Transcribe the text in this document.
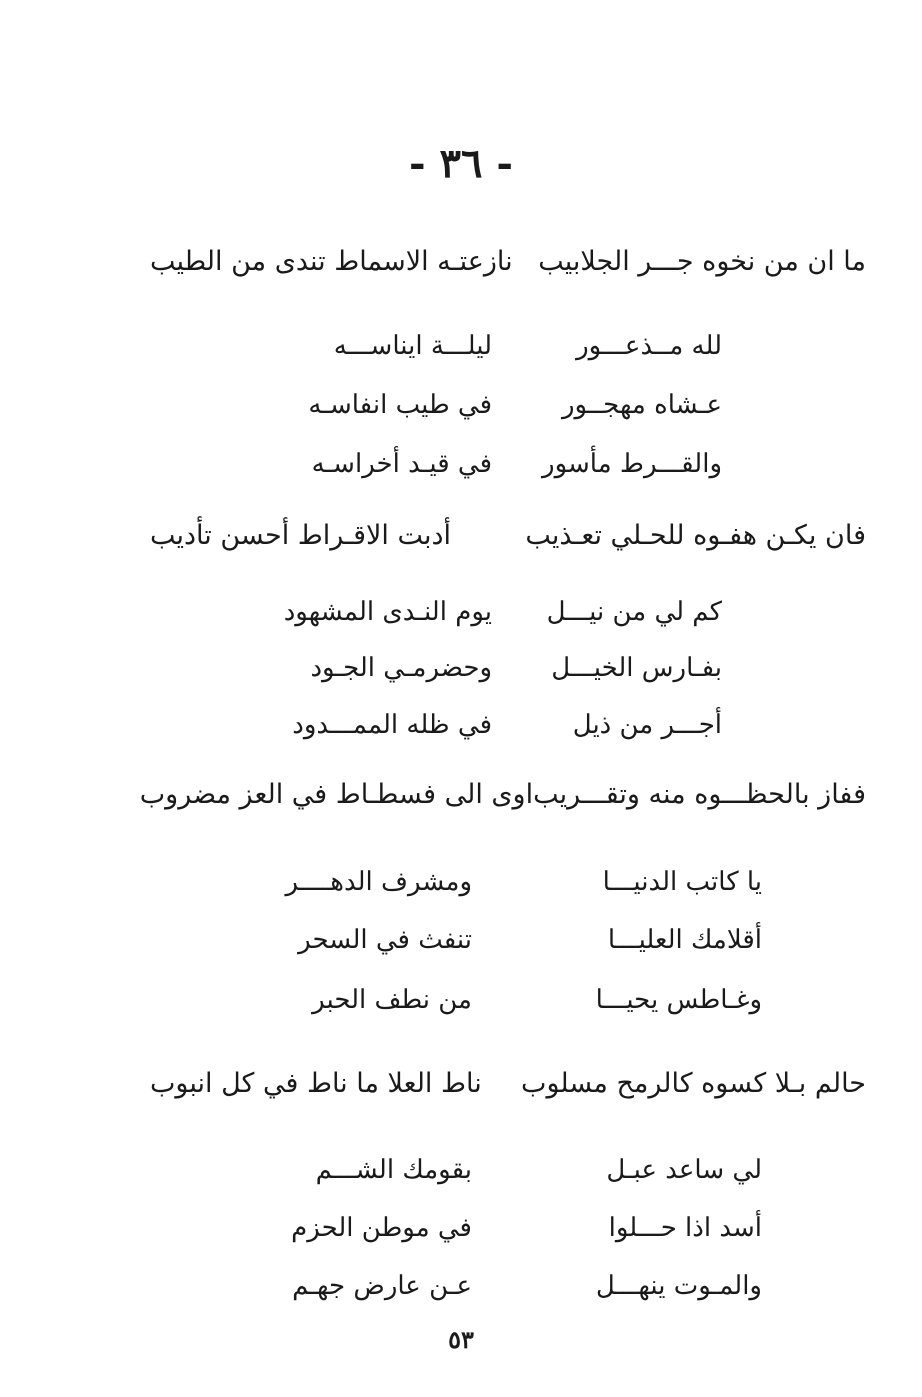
- ٣٦ -
ما ان من نخوه جـــر الجلابيب
نازعتـه الاسماط تندى من الطيب
لله مــذعـــور
ليلـــة ايناســـه
عـشاه مهجــور
في طيب انفاسـه
والقـــرط مأسور
في قيـد أخراسـه
فان يكـن هفـوه للحـلي تعـذيب
أدبت الاقـراط أحسن تأديب
كم لي من نيـــل
يوم النـدى المشهود
بفـارس الخيـــل
وحضرمـي الجـود
أجـــر من ذيل
في ظله الممـــدود
ففاز بالحظـــوه منه وتقـــريب
اوى الى فسطـاط في العز مضروب
يا كاتب الدنيـــا
ومشرف الدهــــر
أقلامك العليـــا
تنفث في السحر
وغـاطس يحيـــا
من نطف الحبر
حالم بـلا كسوه كالرمح مسلوب
ناط العلا ما ناط في كل انبوب
لي ساعد عبـل
بقومك الشـــم
أسد اذا حـــلوا
في موطن الحزم
والمـوت ينهـــل
عـن عارض جهـم
٥٣
